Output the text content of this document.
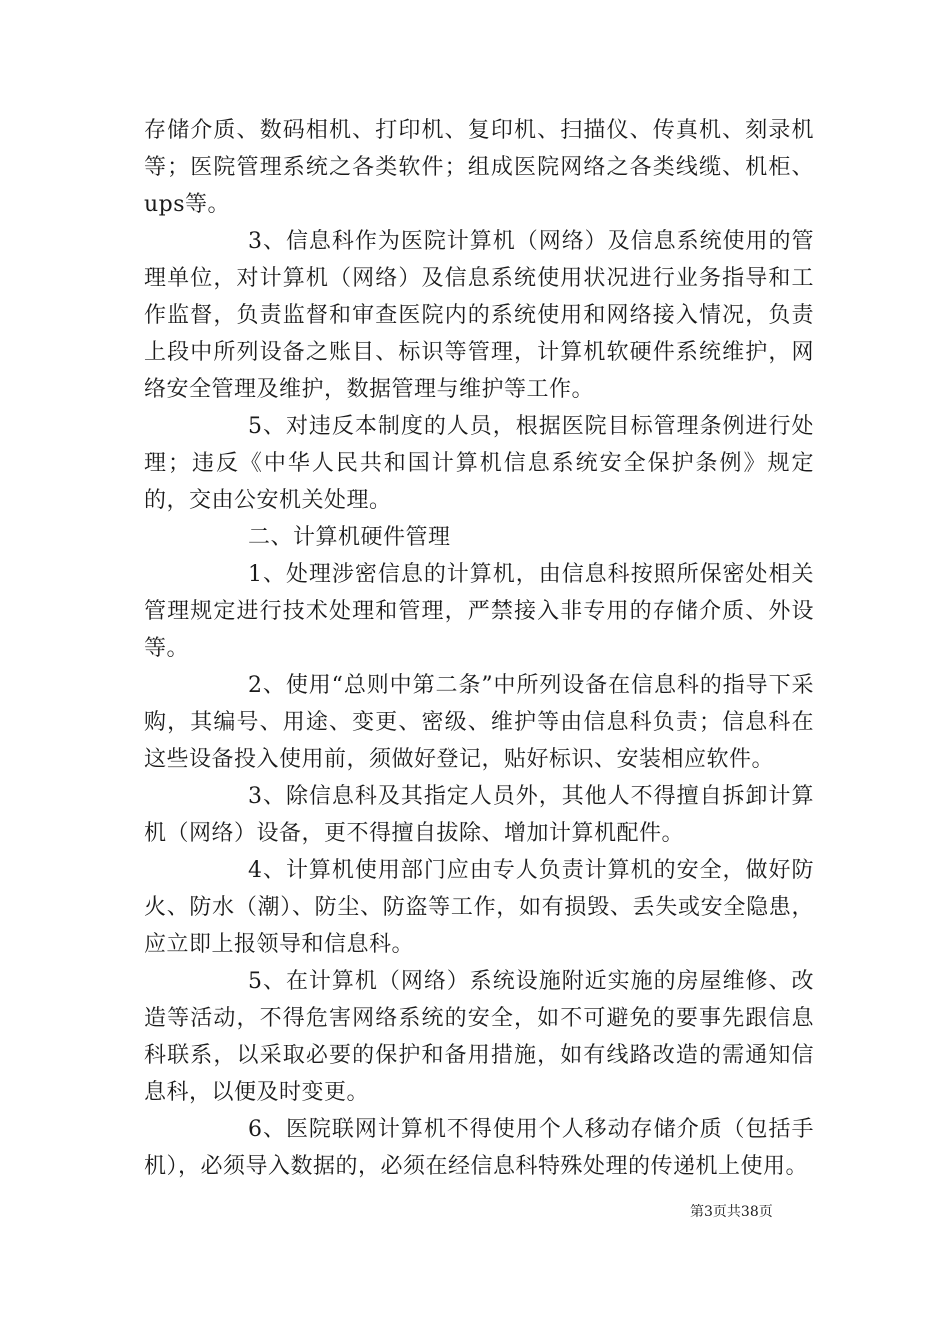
存储介质、数码相机、打印机、复印机、扫描仪、传真机、刻录机等；医院管理系统之各类软件；组成医院网络之各类线缆、机柜、ups等。

3、信息科作为医院计算机（网络）及信息系统使用的管理单位，对计算机（网络）及信息系统使用状况进行业务指导和工作监督，负责监督和审查医院内的系统使用和网络接入情况，负责上段中所列设备之账目、标识等管理，计算机软硬件系统维护，网络安全管理及维护，数据管理与维护等工作。

5、对违反本制度的人员，根据医院目标管理条例进行处理；违反《中华人民共和国计算机信息系统安全保护条例》规定的，交由公安机关处理。

二、计算机硬件管理

1、处理涉密信息的计算机，由信息科按照所保密处相关管理规定进行技术处理和管理，严禁接入非专用的存储介质、外设等。

2、使用“总则中第二条”中所列设备在信息科的指导下采购，其编号、用途、变更、密级、维护等由信息科负责；信息科在这些设备投入使用前，须做好登记，贴好标识、安装相应软件。

3、除信息科及其指定人员外，其他人不得擅自拆卸计算机（网络）设备，更不得擅自拔除、增加计算机配件。

4、计算机使用部门应由专人负责计算机的安全，做好防火、防水（潮）、防尘、防盗等工作，如有损毁、丢失或安全隐患，应立即上报领导和信息科。

5、在计算机（网络）系统设施附近实施的房屋维修、改造等活动，不得危害网络系统的安全，如不可避免的要事先跟信息科联系，以采取必要的保护和备用措施，如有线路改造的需通知信息科，以便及时变更。

6、医院联网计算机不得使用个人移动存储介质（包括手机），必须导入数据的，必须在经信息科特殊处理的传递机上使用。

第3页共38页
